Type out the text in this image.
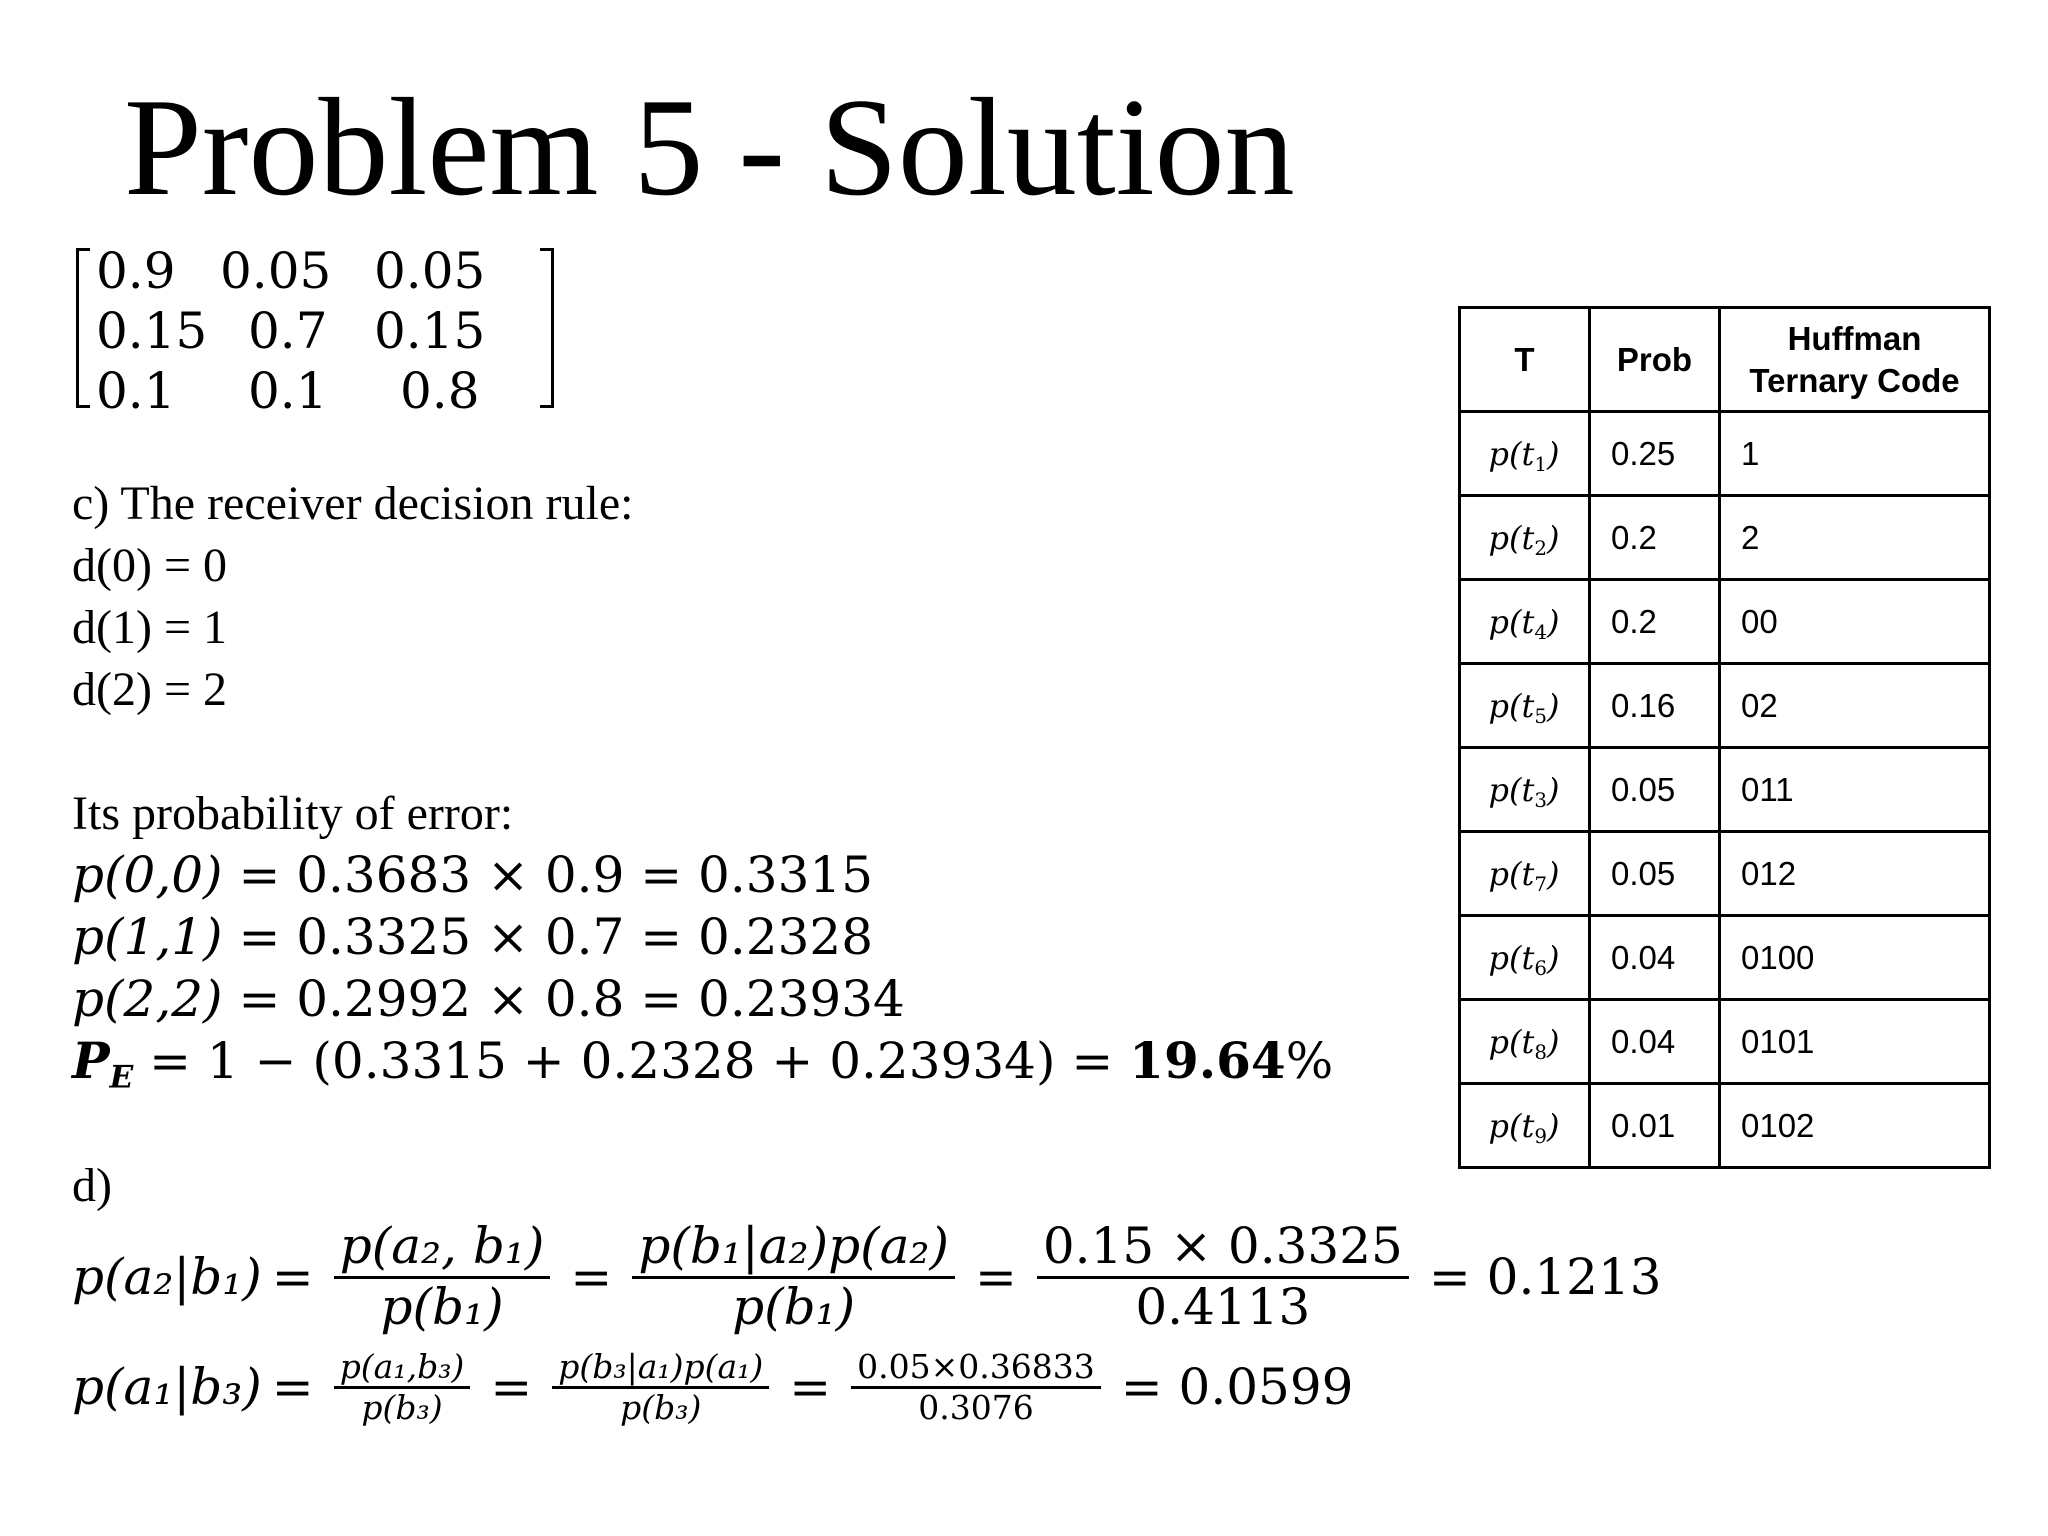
Problem 5 - Solution
0.9 0.05 0.05
0.15 0.7 0.15
0.1 0.1 0.8
c) The receiver decision rule:
d(0) = 0
d(1) = 1
d(2) = 2
Its probability of error:
p(0,0) = 0.3683 × 0.9 = 0.3315
p(1,1) = 0.3325 × 0.7 = 0.2328
p(2,2) = 0.2992 × 0.8 = 0.23934
$P_E = 1 - (0.3315 + 0.2328 + 0.23934) = 19.64\%$
d)
$p(a_2|b_1) = \frac{\text{p(a₂, b₁)}}{\text{p(b₁)}} = \frac{\text{p(b₁|a₂)p(a₂)}}{\text{p(b₁)}} = \frac{0.15 \times 0.3325}{0.4113} = 0.1213$
$p(a_1|b_3) = \frac{\text{p(a₁,b₃)}}{\text{p(b₃)}} = \frac{\text{p(b₃|a₁)p(a₁)}}{\text{p(b₃)}} = \frac{0.05\times 0.36833}{0.3076} = 0.0599$
T	Prob	Huffman
Ternary Code
$p(t_1)$	0.25	1
$p(t_2)$	0.2	2
$p(t_4)$	0.2	00
$p(t_5)$	0.16	02
$p(t_3)$	0.05	011
$p(t_7)$	0.05	012
$p(t_6)$	0.04	0100
$p(t_8)$	0.04	0101
$p(t_9)$	0.01	0102
